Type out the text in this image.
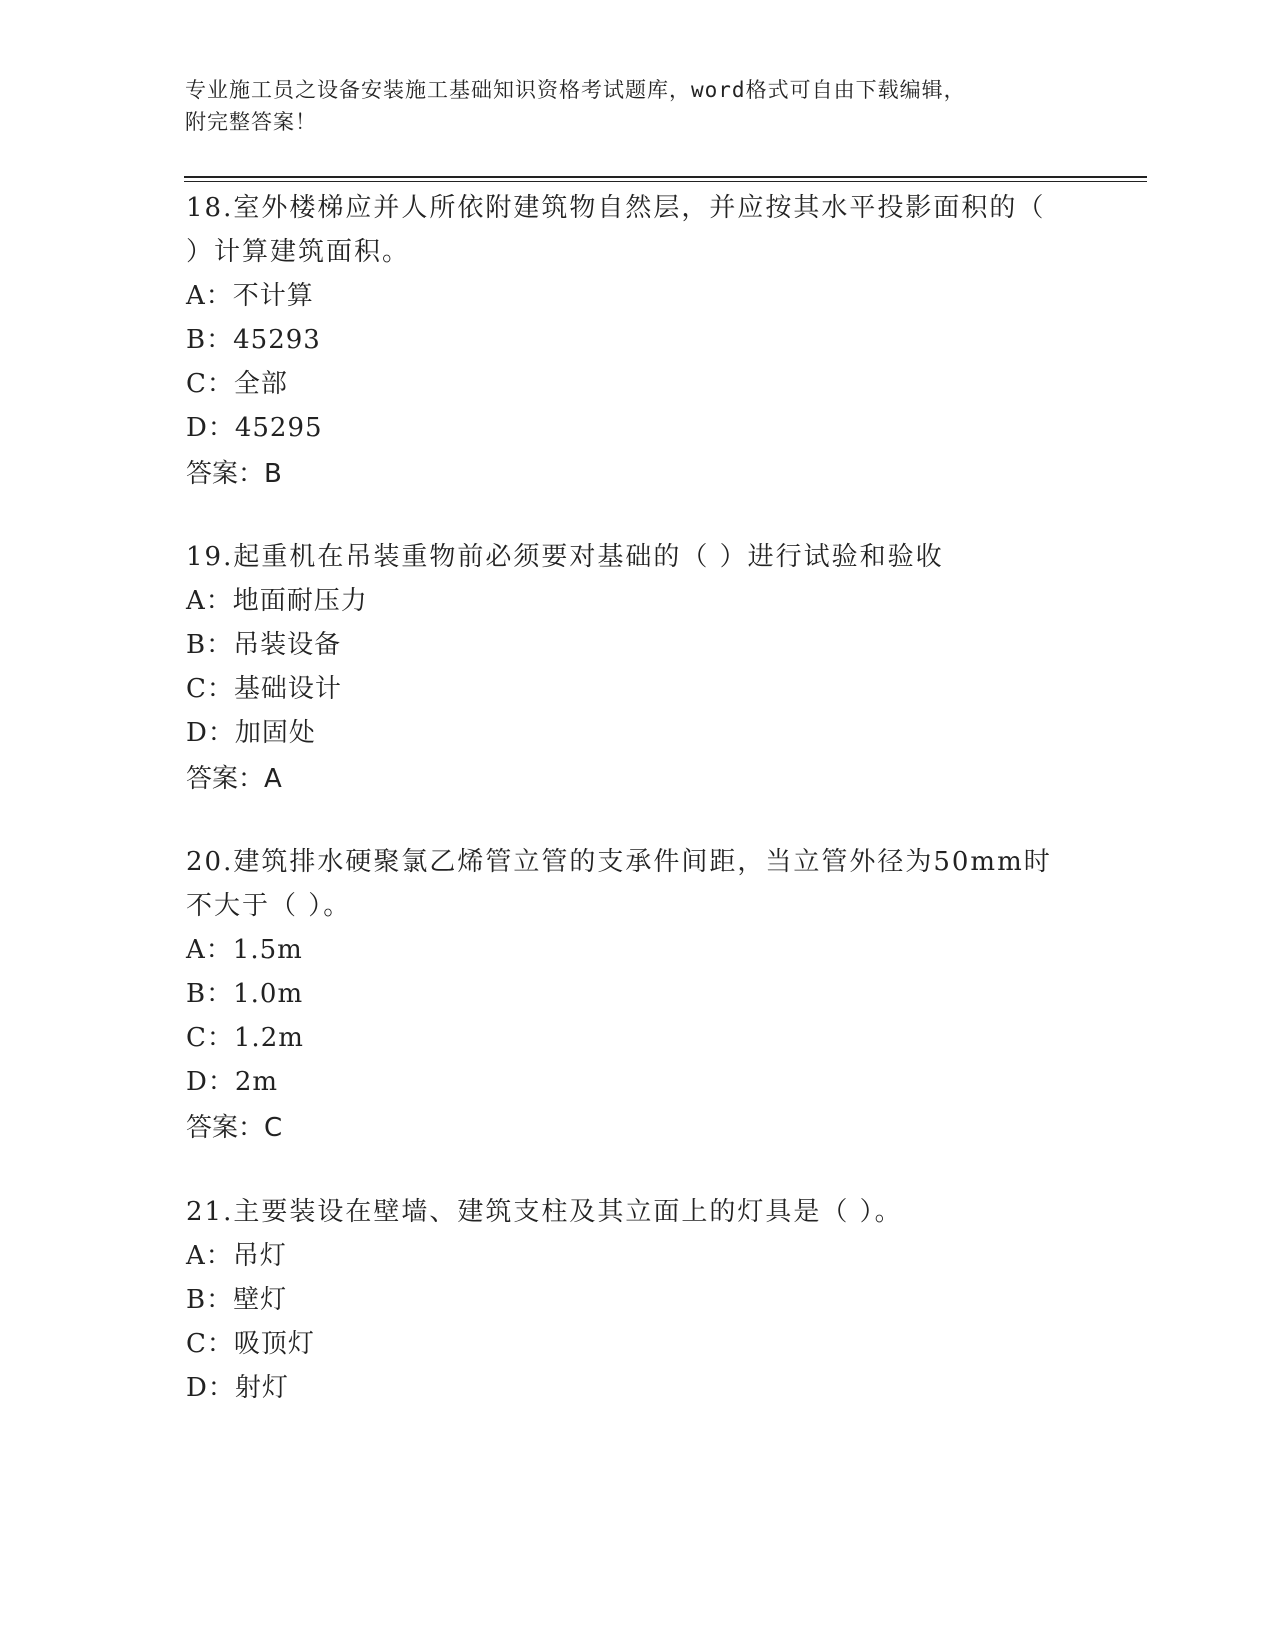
专业施工员之设备安装施工基础知识资格考试题库，word格式可自由下载编辑，
附完整答案！
18.室外楼梯应并人所依附建筑物自然层，并应按其水平投影面积的（
）计算建筑面积。
A：不计算
B：45293
C：全部
D：45295
答案：B
19.起重机在吊装重物前必须要对基础的（ ）进行试验和验收
A：地面耐压力
B：吊装设备
C：基础设计
D：加固处
答案：A
20.建筑排水硬聚氯乙烯管立管的支承件间距，当立管外径为50mm时
不大于（ ）。
A：1.5m
B：1.0m
C：1.2m
D：2m
答案：C
21.主要装设在壁墙、建筑支柱及其立面上的灯具是（ ）。
A：吊灯
B：壁灯
C：吸顶灯
D：射灯
